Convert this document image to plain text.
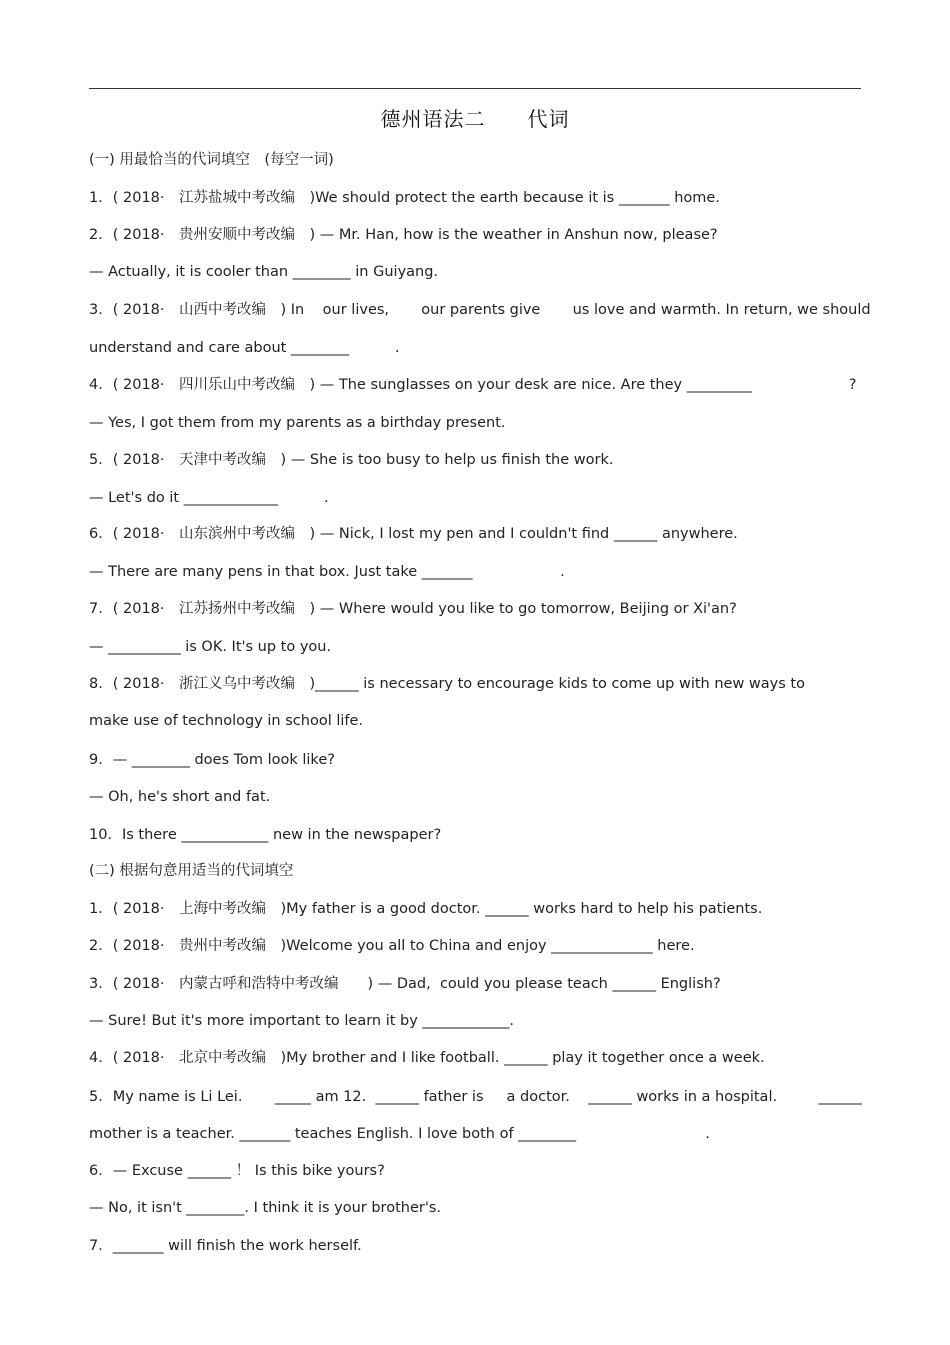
德州语法二　　代词
(一) 用最恰当的代词填空　(每空一词)
1．( 2018·　江苏盐城中考改编　)We should protect the earth because it is _______ home.
2．( 2018·　贵州安顺中考改编　) — Mr. Han, how is the weather in Anshun now, please?
— Actually, it is cooler than ________ in Guiyang.
3．( 2018·　山西中考改编　) In    our lives,       our parents give       us love and warmth. In return, we should
understand and care about ________          .
4．( 2018·　四川乐山中考改编　) — The sunglasses on your desk are nice. Are they _________                     ?
— Yes, I got them from my parents as a birthday present.
5．( 2018·　天津中考改编　) — She is too busy to help us finish the work.
— Let's do it _____________          .
6．( 2018·　山东滨州中考改编　) — Nick, I lost my pen and I couldn't find ______ anywhere.
— There are many pens in that box. Just take _______                   .
7．( 2018·　江苏扬州中考改编　) — Where would you like to go tomorrow, Beijing or Xi'an?
— __________ is OK. It's up to you.
8．( 2018·　浙江义乌中考改编　)______ is necessary to encourage kids to come up with new ways to
make use of technology in school life.
9．— ________ does Tom look like?
— Oh, he's short and fat.
10．Is there ____________ new in the newspaper?
(二) 根据句意用适当的代词填空
1．( 2018·　上海中考改编　)My father is a good doctor. ______ works hard to help his patients.
2．( 2018·　贵州中考改编　)Welcome you all to China and enjoy ______________ here.
3．( 2018·　内蒙古呼和浩特中考改编　　) — Dad,  could you please teach ______ English?
— Sure! But it's more important to learn it by ____________.
4．( 2018·　北京中考改编　)My brother and I like football. ______ play it together once a week.
5．My name is Li Lei.       _____ am 12.  ______ father is     a doctor.    ______ works in a hospital.         ______
mother is a teacher. _______ teaches English. I love both of ________                            .
6．— Excuse ______ ！ Is this bike yours?
— No, it isn't ________. I think it is your brother's.
7．_______ will finish the work herself.
